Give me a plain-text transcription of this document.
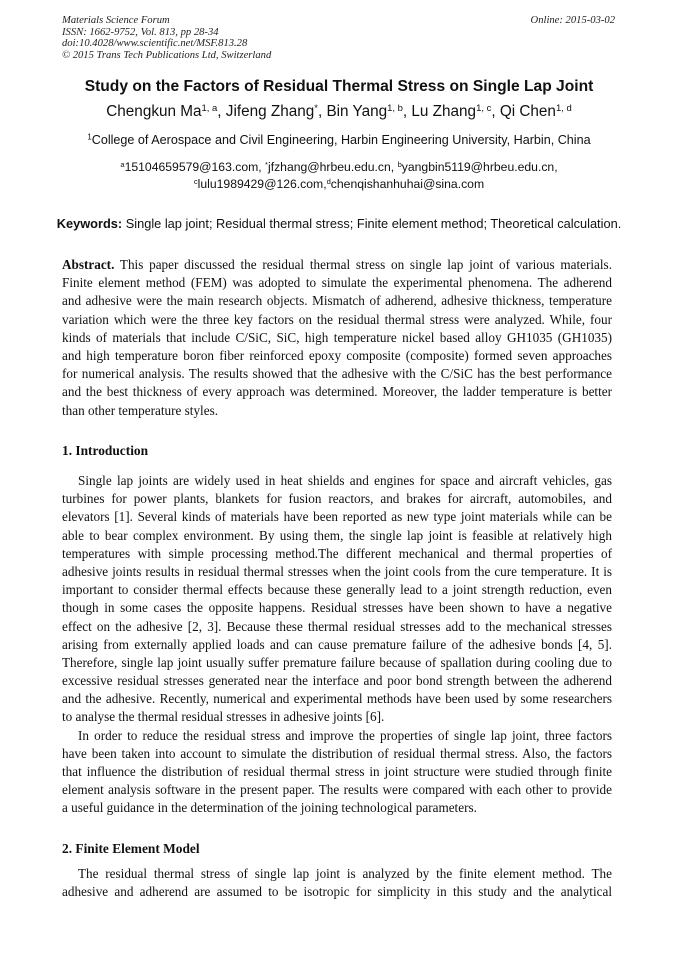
Materials Science Forum
ISSN: 1662-9752, Vol. 813, pp 28-34
doi:10.4028/www.scientific.net/MSF.813.28
© 2015 Trans Tech Publications Ltd, Switzerland
Online: 2015-03-02
Study on the Factors of Residual Thermal Stress on Single Lap Joint
Chengkun Ma$^{1, a}$, Jifeng Zhang*, Bin Yang$^{1, b}$, Lu Zhang$^{1, c}$, Qi Chen$^{1, d}$
$^1$College of Aerospace and Civil Engineering, Harbin Engineering University, Harbin, China
$^a$15104659579@163.com, *jfzhang@hrbeu.edu.cn, $^b$yangbin5119@hrbeu.edu.cn,
$^c$lulu1989429@126.com,$^d$chenqishanhuhai@sina.com
Keywords: Single lap joint; Residual thermal stress; Finite element method; Theoretical calculation.
Abstract. This paper discussed the residual thermal stress on single lap joint of various materials.
Finite element method (FEM) was adopted to simulate the experimental phenomena. The adherend
and adhesive were the main research objects. Mismatch of adherend, adhesive thickness, temperature
variation which were the three key factors on the residual thermal stress were analyzed. While, four
kinds of materials that include C/SiC, SiC, high temperature nickel based alloy GH1035 (GH1035)
and high temperature boron fiber reinforced epoxy composite (composite) formed seven approaches
for numerical analysis. The results showed that the adhesive with the C/SiC has the best performance
and the best thickness of every approach was determined. Moreover, the ladder temperature is better
than other temperature styles.
1. Introduction
Single lap joints are widely used in heat shields and engines for space and aircraft vehicles, gas
turbines for power plants, blankets for fusion reactors, and brakes for aircraft, automobiles, and
elevators [1]. Several kinds of materials have been reported as new type joint materials while can be
able to bear complex environment. By using them, the single lap joint is feasible at relatively high
temperatures with simple processing method.The different mechanical and thermal properties of
adhesive joints results in residual thermal stresses when the joint cools from the cure temperature. It is
important to consider thermal effects because these generally lead to a joint strength reduction, even
though in some cases the opposite happens. Residual stresses have been shown to have a negative
effect on the adhesive [2, 3]. Because these thermal residual stresses add to the mechanical stresses
arising from externally applied loads and can cause premature failure of the adhesive bonds [4, 5].
Therefore, single lap joint usually suffer premature failure because of spallation during cooling due to
excessive residual stresses generated near the interface and poor bond strength between the adherend
and the adhesive. Recently, numerical and experimental methods have been used by some researchers
to analyse the thermal residual stresses in adhesive joints [6].
In order to reduce the residual stress and improve the properties of single lap joint, three factors
have been taken into account to simulate the distribution of residual thermal stress. Also, the factors
that influence the distribution of residual thermal stress in joint structure were studied through finite
element analysis software in the present paper. The results were compared with each other to provide
a useful guidance in the determination of the joining technological parameters.
2. Finite Element Model
The residual thermal stress of single lap joint is analyzed by the finite element method. The
adhesive and adherend are assumed to be isotropic for simplicity in this study and the analytical
